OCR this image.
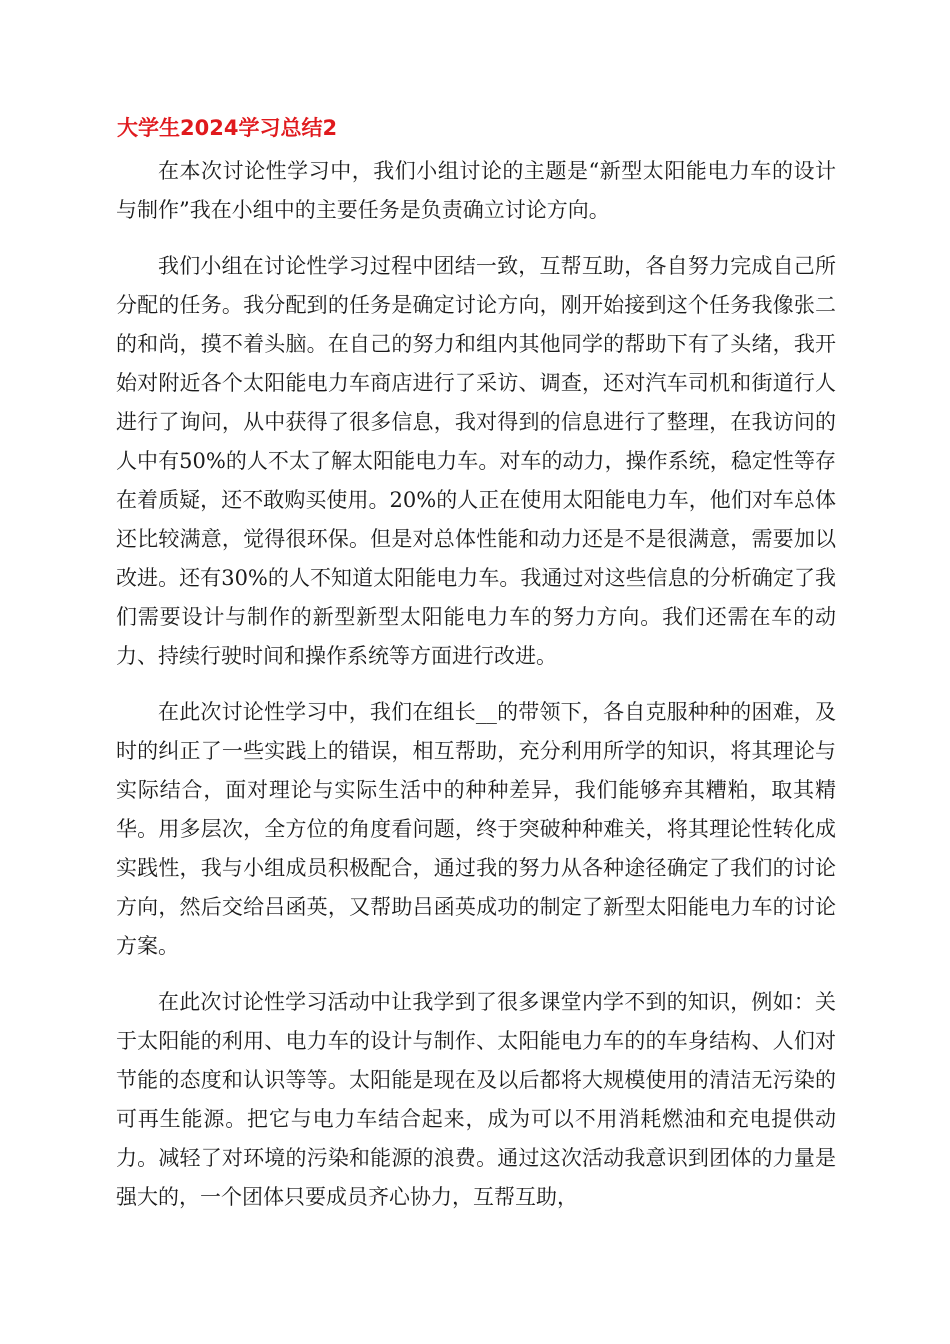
大学生2024学习总结2

在本次讨论性学习中，我们小组讨论的主题是“新型太阳能电力车的设计与制作”我在小组中的主要任务是负责确立讨论方向。

我们小组在讨论性学习过程中团结一致，互帮互助，各自努力完成自己所分配的任务。我分配到的任务是确定讨论方向，刚开始接到这个任务我像张二的和尚，摸不着头脑。在自己的努力和组内其他同学的帮助下有了头绪，我开始对附近各个太阳能电力车商店进行了采访、调查，还对汽车司机和街道行人进行了询问，从中获得了很多信息，我对得到的信息进行了整理，在我访问的人中有50%的人不太了解太阳能电力车。对车的动力，操作系统，稳定性等存在着质疑，还不敢购买使用。20%的人正在使用太阳能电力车，他们对车总体还比较满意，觉得很环保。但是对总体性能和动力还是不是很满意，需要加以改进。还有30%的人不知道太阳能电力车。我通过对这些信息的分析确定了我们需要设计与制作的新型新型太阳能电力车的努力方向。我们还需在车的动力、持续行驶时间和操作系统等方面进行改进。

在此次讨论性学习中，我们在组长__的带领下，各自克服种种的困难，及时的纠正了一些实践上的错误，相互帮助，充分利用所学的知识，将其理论与实际结合，面对理论与实际生活中的种种差异，我们能够弃其糟粕，取其精华。用多层次，全方位的角度看问题，终于突破种种难关，将其理论性转化成实践性，我与小组成员积极配合，通过我的努力从各种途径确定了我们的讨论方向，然后交给吕函英，又帮助吕函英成功的制定了新型太阳能电力车的讨论方案。

在此次讨论性学习活动中让我学到了很多课堂内学不到的知识，例如：关于太阳能的利用、电力车的设计与制作、太阳能电力车的的车身结构、人们对节能的态度和认识等等。太阳能是现在及以后都将大规模使用的清洁无污染的可再生能源。把它与电力车结合起来，成为可以不用消耗燃油和充电提供动力。减轻了对环境的污染和能源的浪费。通过这次活动我意识到团体的力量是强大的，一个团体只要成员齐心协力，互帮互助，
